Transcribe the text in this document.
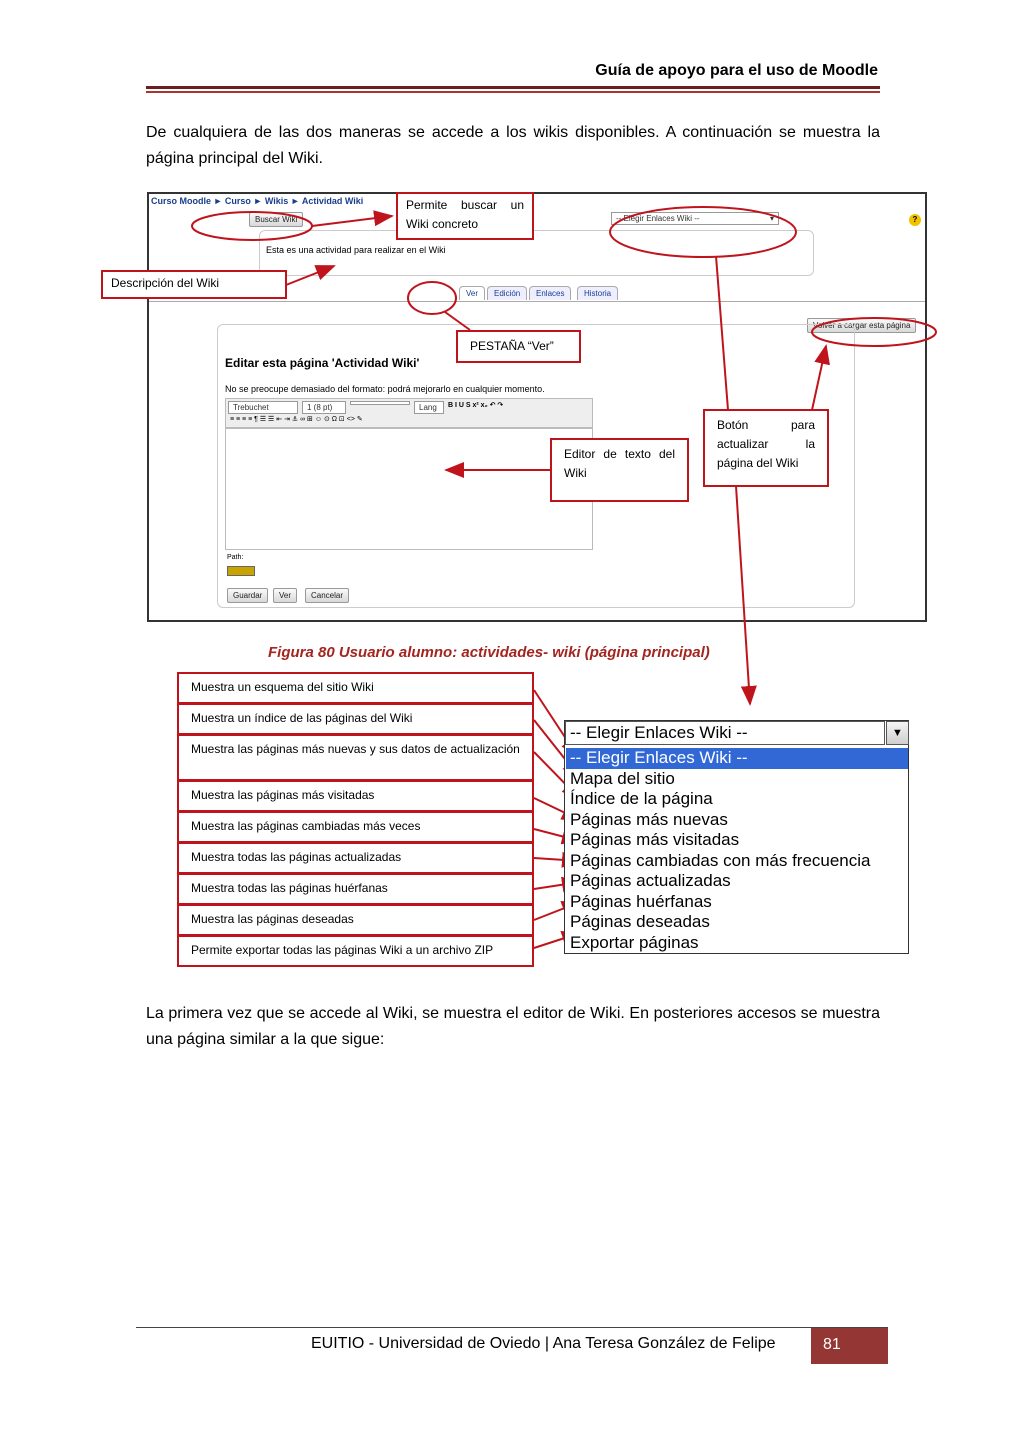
Guía de apoyo para el uso de Moodle
De cualquiera de las dos maneras se accede a los wikis disponibles. A continuación se muestra la página principal del Wiki.
Curso Moodle ► Curso ► Wikis ► Actividad Wiki
Buscar Wiki	-- Elegir Enlaces Wiki --	▾	?
Esta es una actividad para realizar en el Wiki
Ver	Edición	Enlaces	Historia
Volver a cargar esta página
Editar esta página 'Actividad Wiki'
No se preocupe demasiado del formato: podrá mejorarlo en cualquier momento.
Trebuchet	1 (8 pt)	Lang	B I U S x² x₂ ↶ ↷
≡ ≡ ≡ ≡ ¶ ☰ ☰ ⇤ ⇥ ⚓ ∞ ⊞ ☺ ⊙ Ω ⊡ <> ✎
Path:
Guardar	Ver	Cancelar
Permite buscar un Wiki concreto
Descripción del Wiki
PESTAÑA “Ver”
Editor de texto del Wiki
Botón para actualizar la página del Wiki
Figura 80 Usuario alumno: actividades- wiki (página principal)
Muestra un esquema del sitio Wiki
Muestra un índice de las páginas del Wiki
Muestra las páginas más nuevas y sus datos de actualización
Muestra las páginas más visitadas
Muestra las páginas cambiadas más veces
Muestra todas las páginas actualizadas
Muestra todas las páginas huérfanas
Muestra las páginas deseadas
Permite exportar todas las páginas Wiki a un archivo ZIP
-- Elegir Enlaces Wiki --	▼
-- Elegir Enlaces Wiki --
Mapa del sitio
Índice de la página
Páginas más nuevas
Páginas más visitadas
Páginas cambiadas con más frecuencia
Páginas actualizadas
Páginas huérfanas
Páginas deseadas
Exportar páginas
La primera vez que se accede al Wiki, se muestra el editor de Wiki. En posteriores accesos se muestra una página similar a la que sigue:
EUITIO - Universidad de Oviedo | Ana Teresa González de Felipe	81
